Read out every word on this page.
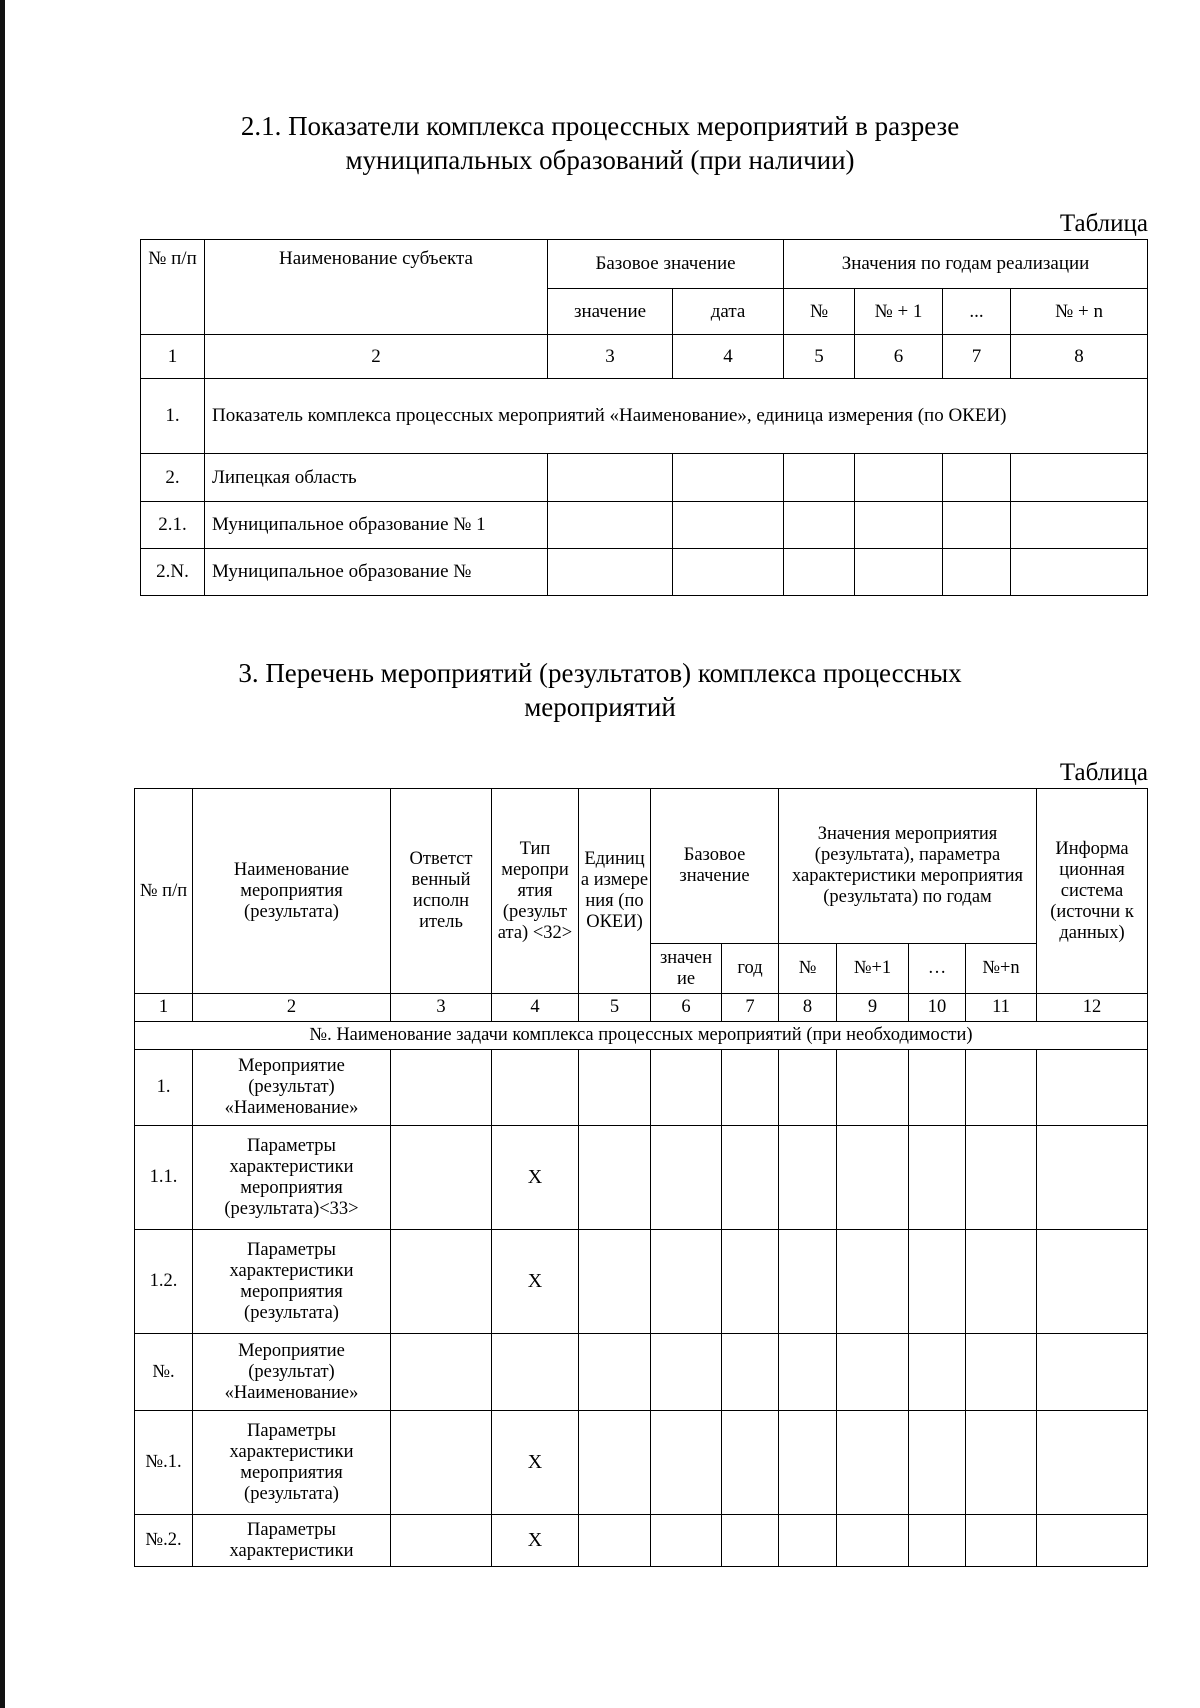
2.1. Показатели комплекса процессных мероприятий в разрезе
муниципальных образований (при наличии)
Таблица
№ п/п	Наименование субъекта	Базовое значение		Значения по годам реализации			
		значение	дата	№	№ + 1	...	№ + n
1	2	3	4	5	6	7	8
1.	Показатель комплекса процессных мероприятий «Наименование», единица измерения (по ОКЕИ)						
2.	Липецкая область						
2.1.	Муниципальное образование № 1						
2.N.	Муниципальное образование №						
3. Перечень мероприятий (результатов) комплекса процессных
мероприятий
Таблица
№ п/п	Наименование мероприятия (результата)	Ответст венный исполн итель	Тип меропри ятия (результ ата) <32>	Единиц а измере ния (по ОКЕИ)	Базовое значение		Значения мероприятия (результата), параметра характеристики мероприятия (результата) по годам				Информа ционная система (источни к данных)
					значен ие	год	№	№+1	…	№+n	
1	2	3	4	5	6	7	8	9	10	11	12
№. Наименование задачи комплекса процессных мероприятий (при необходимости)											
1.	Мероприятие (результат) «Наименование»										
1.1.	Параметры характеристики мероприятия (результата)<33>		X								
1.2.	Параметры характеристики мероприятия (результата)		X								
№.	Мероприятие (результат) «Наименование»										
№.1.	Параметры характеристики мероприятия (результата)		X								
№.2.	Параметры характеристики		X								
